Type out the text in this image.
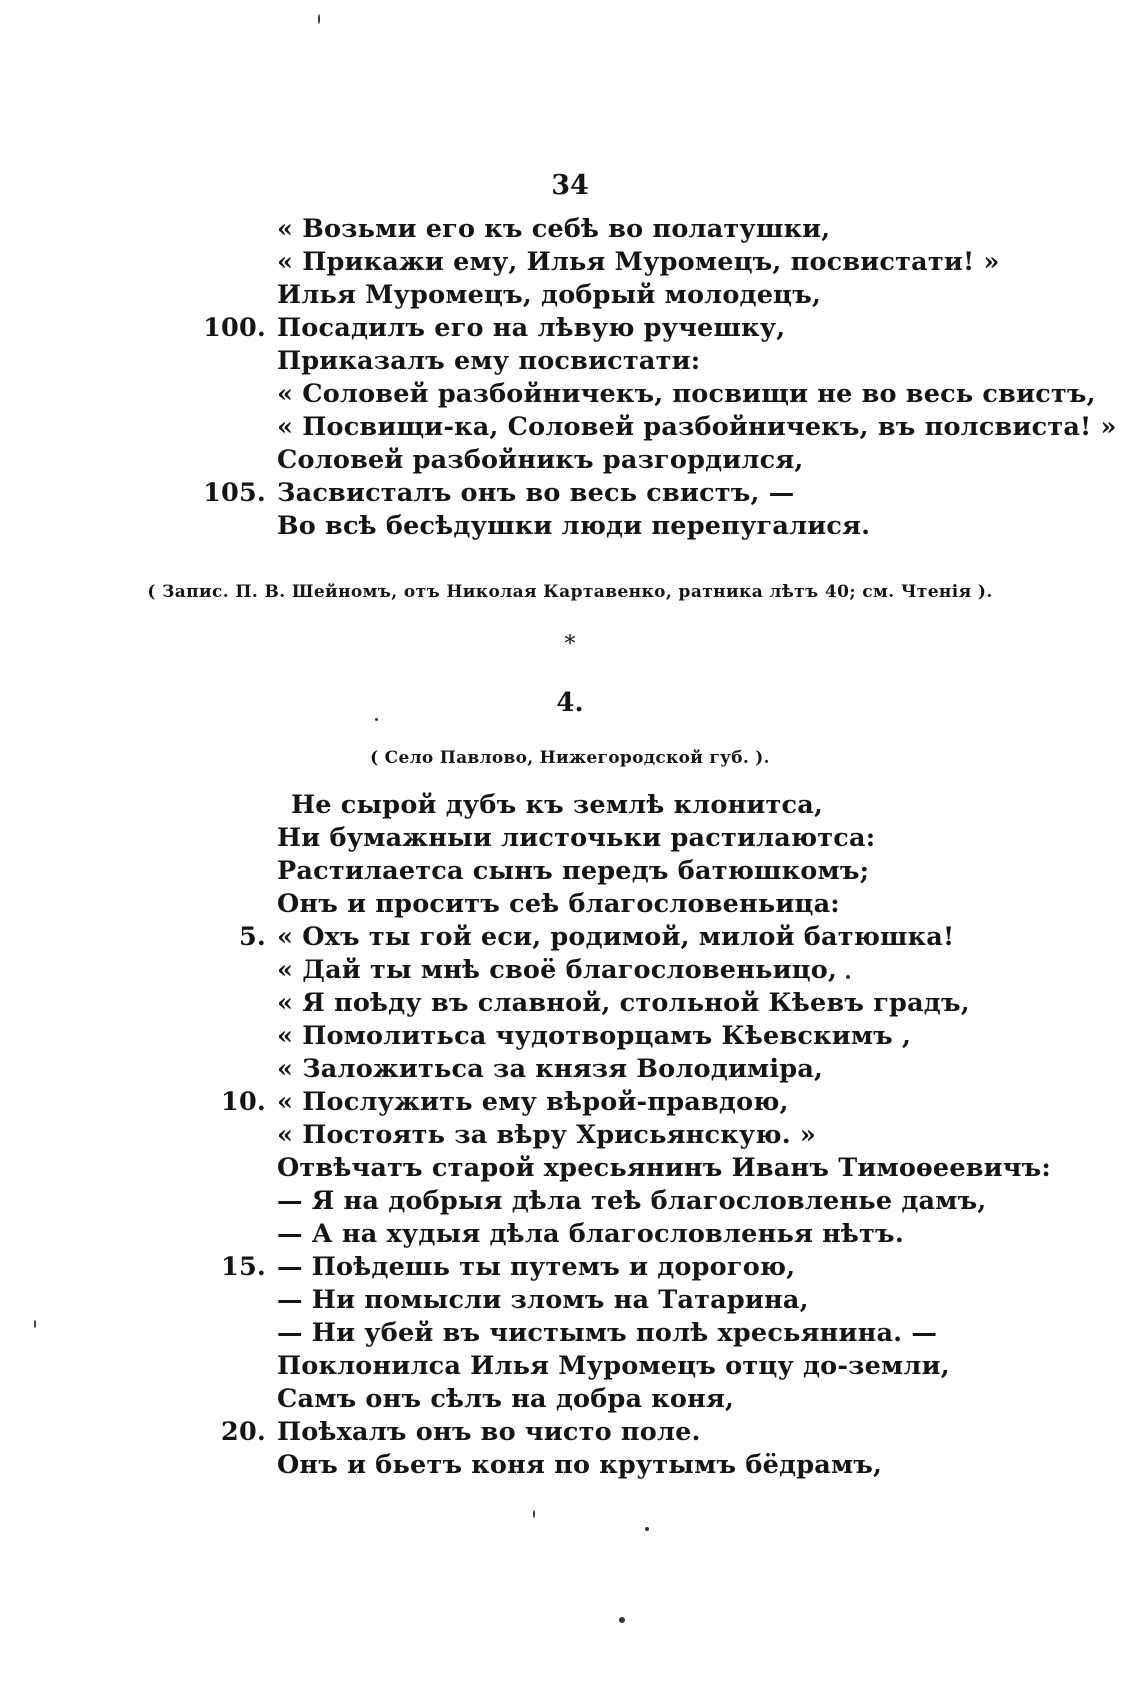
34
« Возьми его къ себѣ во полатушки,
« Прикажи ему, Илья Муромецъ, посвистати! »
Илья Муромецъ, добрый молодецъ,
100. Посадилъ его на лѣвую ручешку,
Приказалъ ему посвистати:
« Соловей разбойничекъ, посвищи не во весь свистъ,
« Посвищи-ка, Соловей разбойничекъ, въ полсвиста! »
Соловей разбойникъ разгордился,
105. Засвисталъ онъ во весь свистъ, —
Во всѣ бесѣдушки люди перепугалися.
( Запис. П. В. Шейномъ, отъ Николая Картавенко, ратника лѣтъ 40; см. Чтенія ).
*
4.
( Село Павлово, Нижегородской губ. ).
Не сырой дубъ къ землѣ клонитса,
Ни бумажныи листочьки растилаютса:
Растилаетса сынъ передъ батюшкомъ;
Онъ и проситъ сеѣ благословеньица:
5. « Охъ ты гой еси, родимой, милой батюшка!
« Дай ты мнѣ своё благословеньицо,
« Я поѣду въ славной, стольной Кѣевъ градъ,
« Помолитьса чудотворцамъ Кѣевскимъ ,
« Заложитьса за князя Володиміра,
10. « Послужить ему вѣрой-правдою,
« Постоять за вѣру Хрисьянскую. »
Отвѣчатъ старой хресьянинъ Иванъ Тимоѳеевичъ:
— Я на добрыя дѣла теѣ благословленье дамъ,
— А на худыя дѣла благословленья нѣтъ.
15. — Поѣдешь ты путемъ и дорогою,
— Ни помысли зломъ на Татарина,
— Ни убей въ чистымъ полѣ хресьянина. —
Поклонилса Илья Муромецъ отцу до-земли,
Самъ онъ сѣлъ на добра коня,
20. Поѣхалъ онъ во чисто поле.
Онъ и бьетъ коня по крутымъ бёдрамъ,
